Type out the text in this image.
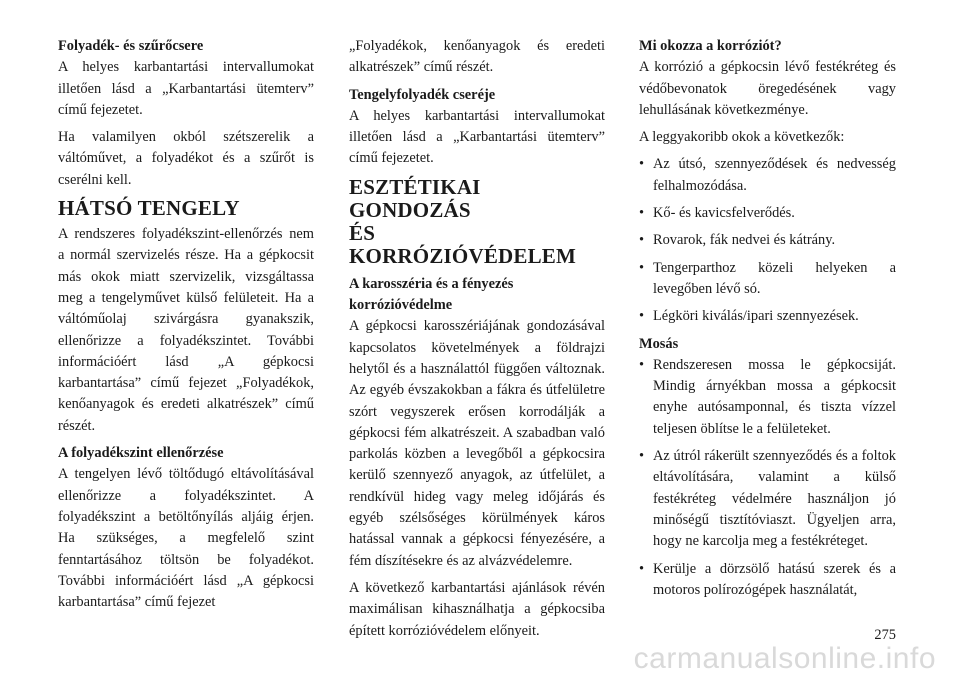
Folyadék- és szűrőcsere

A helyes karbantartási intervallumokat illetően lásd a „Karbantartási ütemterv” című fejezetet.

Ha valamilyen okból szétszerelik a váltóművet, a folyadékot és a szűrőt is cserélni kell.

HÁTSÓ TENGELY

A rendszeres folyadékszint-ellenőrzés nem a normál szervizelés része. Ha a gépkocsit más okok miatt szervizelik, vizsgáltassa meg a tengelyművet külső felületeit. Ha a váltóműolaj szivárgásra gyanakszik, ellenőrizze a folyadékszintet. További információért lásd „A gépkocsi karbantartása” című fejezet „Folyadékok, kenőanyagok és eredeti alkatrészek” című részét.

A folyadékszint ellenőrzése

A tengelyen lévő töltődugó eltávolításával ellenőrizze a folyadékszintet. A folyadékszint a betöltőnyílás aljáig érjen. Ha szükséges, a megfelelő szint fenntartásához töltsön be folyadékot. További információért lásd „A gépkocsi karbantartása” című fejezet

„Folyadékok, kenőanyagok és eredeti alkatrészek” című részét.

Tengelyfolyadék cseréje

A helyes karbantartási intervallumokat illetően lásd a „Karbantartási ütemterv” című fejezetet.

ESZTÉTIKAI GONDOZÁS
ÉS KORRÓZIÓVÉDELEM
A karosszéria és a fényezés korrózióvédelme

A gépkocsi karosszériájának gondozásával kapcsolatos követelmények a földrajzi helytől és a használattól függően változnak. Az egyéb évszakokban a fákra és útfelületre szórt vegyszerek erősen korrodálják a gépkocsi fém alkatrészeit. A szabadban való parkolás közben a levegőből a gépkocsira kerülő szennyező anyagok, az útfelület, a rendkívül hideg vagy meleg időjárás és egyéb szélsőséges körülmények káros hatással vannak a gépkocsi fényezésére, a fém díszítésekre és az alvázvédelemre.

A következő karbantartási ajánlások révén maximálisan kihasználhatja a gépkocsiba épített korrózióvédelem előnyeit.

Mi okozza a korróziót?

A korrózió a gépkocsin lévő festékréteg és védőbevonatok öregedésének vagy lehullásának következménye.

A leggyakoribb okok a következők:

• Az útsó, szennyeződések és nedvesség felhalmozódása.
• Kő- és kavicsfelverődés.
• Rovarok, fák nedvei és kátrány.
• Tengerparthoz közeli helyeken a levegőben lévő só.
• Légköri kiválás/ipari szennyezések.
Mosás
• Rendszeresen mossa le gépkocsiját. Mindig árnyékban mossa a gépkocsit enyhe autósamponnal, és tiszta vízzel teljesen öblítse le a felületeket.
• Az útról rákerült szennyeződés és a foltok eltávolítására, valamint a külső festékréteg védelmére használjon jó minőségű tisztítóviaszt. Ügyeljen arra, hogy ne karcolja meg a festékréteget.
• Kerülje a dörzsölő hatású szerek és a motoros polírozógépek használatát,
275
carmanualsonline.info
